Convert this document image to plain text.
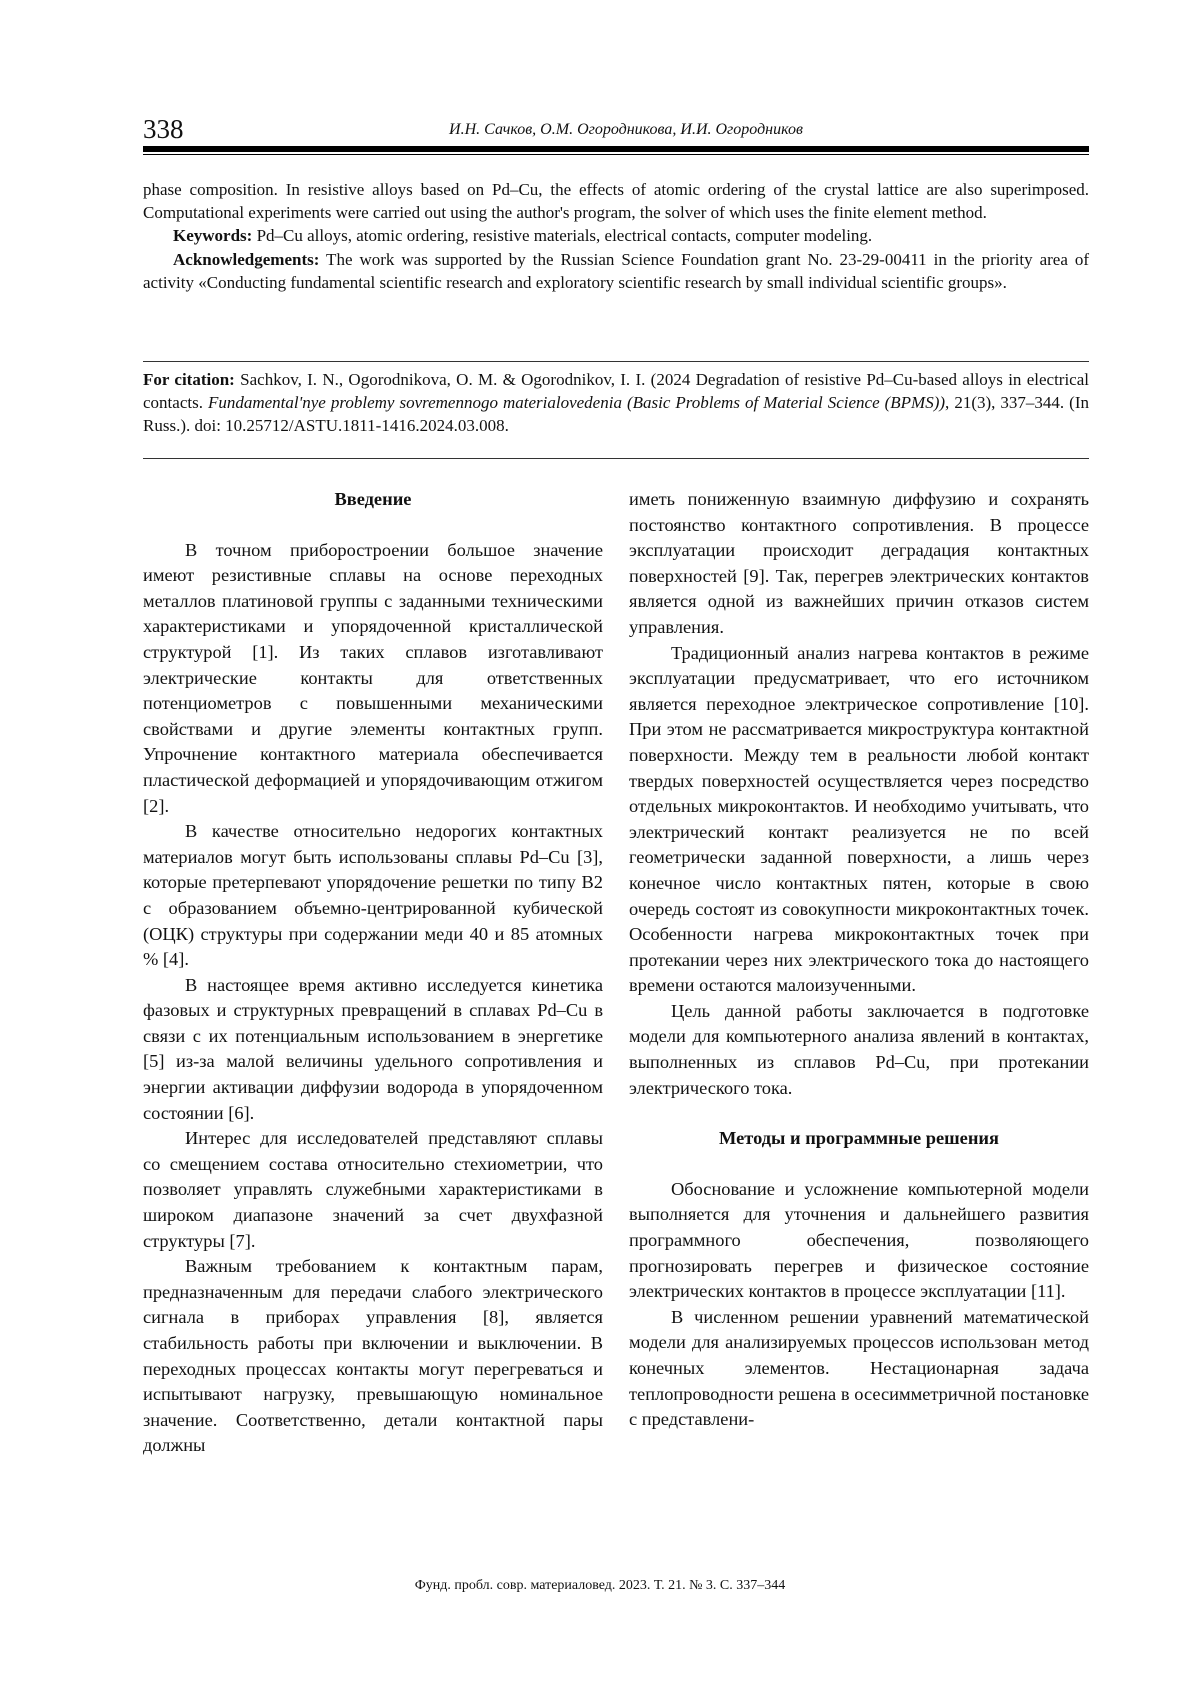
338	И.Н. Сачков, О.М. Огородникова, И.И. Огородников

phase composition. In resistive alloys based on Pd–Cu, the effects of atomic ordering of the crystal lattice are also superimposed. Computational experiments were carried out using the author's program, the solver of which uses the finite element method.

Keywords: Pd–Cu alloys, atomic ordering, resistive materials, electrical contacts, computer modeling.

Acknowledgements: The work was supported by the Russian Science Foundation grant No. 23-29-00411 in the priority area of activity «Conducting fundamental scientific research and exploratory scientific research by small individual scientific groups».

For citation: Sachkov, I. N., Ogorodnikova, O. M. & Ogorodnikov, I. I. (2024 Degradation of resistive Pd–Cu-based alloys in electrical contacts. Fundamental'nye problemy sovremennogo materialovedenia (Basic Problems of Material Science (BPMS)), 21(3), 337–344. (In Russ.). doi: 10.25712/ASTU.1811-1416.2024.03.008.

Введение

В точном приборостроении большое значение имеют резистивные сплавы на основе переходных металлов платиновой группы с заданными техническими характеристиками и упорядоченной кристаллической структурой [1]. Из таких сплавов изготавливают электрические контакты для ответственных потенциометров с повышенными механическими свойствами и другие элементы контактных групп. Упрочнение контактного материала обеспечивается пластической деформацией и упорядочивающим отжигом [2].

В качестве относительно недорогих контактных материалов могут быть использованы сплавы Pd–Cu [3], которые претерпевают упорядочение решетки по типу B2 с образованием объемно-центрированной кубической (ОЦК) структуры при содержании меди 40 и 85 атомных % [4].

В настоящее время активно исследуется кинетика фазовых и структурных превращений в сплавах Pd–Cu в связи с их потенциальным использованием в энергетике [5] из-за малой величины удельного сопротивления и энергии активации диффузии водорода в упорядоченном состоянии [6].

Интерес для исследователей представляют сплавы со смещением состава относительно стехиометрии, что позволяет управлять служебными характеристиками в широком диапазоне значений за счет двухфазной структуры [7].

Важным требованием к контактным парам, предназначенным для передачи слабого электрического сигнала в приборах управления [8], является стабильность работы при включении и выключении. В переходных процессах контакты могут перегреваться и испытывают нагрузку, превышающую номинальное значение. Соответственно, детали контактной пары должны

иметь пониженную взаимную диффузию и сохранять постоянство контактного сопротивления. В процессе эксплуатации происходит деградация контактных поверхностей [9]. Так, перегрев электрических контактов является одной из важнейших причин отказов систем управления.

Традиционный анализ нагрева контактов в режиме эксплуатации предусматривает, что его источником является переходное электрическое сопротивление [10]. При этом не рассматривается микроструктура контактной поверхности. Между тем в реальности любой контакт твердых поверхностей осуществляется через посредство отдельных микроконтактов. И необходимо учитывать, что электрический контакт реализуется не по всей геометрически заданной поверхности, а лишь через конечное число контактных пятен, которые в свою очередь состоят из совокупности микроконтактных точек. Особенности нагрева микроконтактных точек при протекании через них электрического тока до настоящего времени остаются малоизученными.

Цель данной работы заключается в подготовке модели для компьютерного анализа явлений в контактах, выполненных из сплавов Pd–Cu, при протекании электрического тока.

Методы и программные решения

Обоснование и усложнение компьютерной модели выполняется для уточнения и дальнейшего развития программного обеспечения, позволяющего прогнозировать перегрев и физическое состояние электрических контактов в процессе эксплуатации [11].

В численном решении уравнений математической модели для анализируемых процессов использован метод конечных элементов. Нестационарная задача теплопроводности решена в осесимметричной постановке с представлени-

Фунд. пробл. совр. материаловед. 2023. Т. 21. № 3. С. 337–344
